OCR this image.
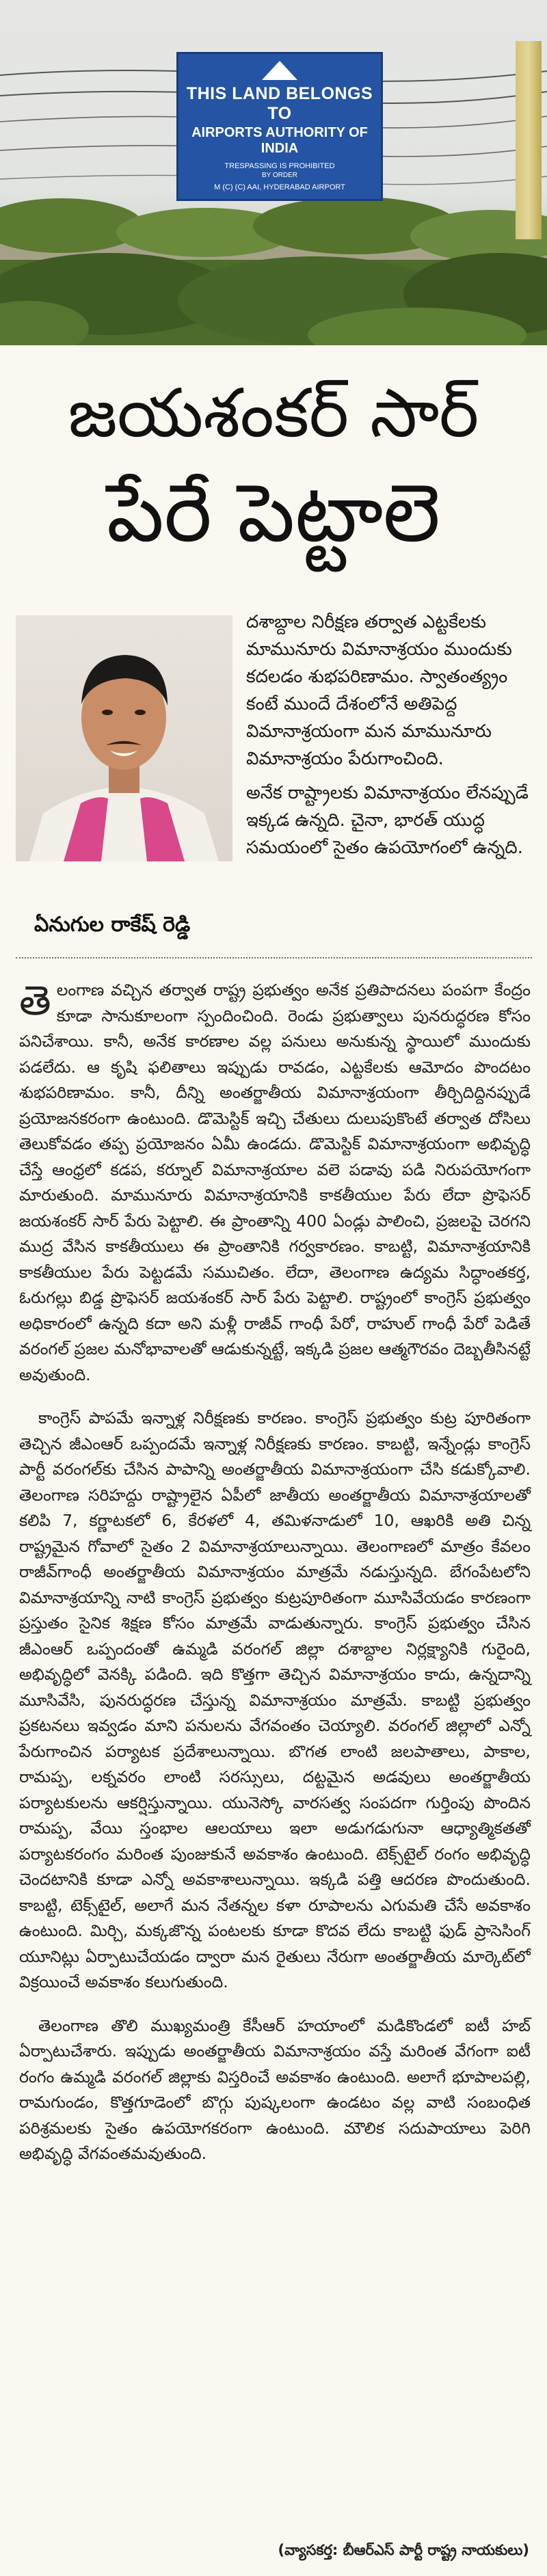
THIS LAND BELONGS TO
AIRPORTS AUTHORITY OF INDIA
TRESPASSING IS PROHIBITED
BY ORDER
M (C) (C) AAI, HYDERABAD AIRPORT
జయశంకర్ సార్
పేరే పెట్టాలె
ఏనుగుల రాకేష్ రెడ్డి

దశాబ్దాల నిరీక్షణ తర్వాత ఎట్టకేలకు మామునూరు విమానాశ్రయం ముందుకు కదలడం శుభపరిణామం. స్వాతంత్య్రం కంటే ముందే దేశంలోనే అతిపెద్ద విమానాశ్రయంగా మన మామునూరు విమానాశ్రయం పేరుగాంచింది.

అనేక రాష్ట్రాలకు విమానాశ్రయం లేనప్పుడే ఇక్కడ ఉన్నది. చైనా, భారత్ యుద్ధ సమయంలో సైతం ఉపయోగంలో ఉన్నది.

తెలంగాణ వచ్చిన తర్వాత రాష్ట్ర ప్రభుత్వం అనేక ప్రతిపాదనలు పంపగా కేంద్రం కూడా సానుకూలంగా స్పందించింది. రెండు ప్రభుత్వాలు పునరుద్ధరణ కోసం పనిచేశాయి. కానీ, అనేక కారణాల వల్ల పనులు అనుకున్న స్థాయిలో ముందుకు పడలేదు. ఆ కృషి ఫలితాలు ఇప్పుడు రావడం, ఎట్టకేలకు ఆమోదం పొందటం శుభపరిణామం. కానీ, దీన్ని అంతర్జాతీయ విమానాశ్రయంగా తీర్చిదిద్దినప్పుడే ప్రయోజనకరంగా ఉంటుంది. డొమెస్టిక్ ఇచ్చి చేతులు దులుపుకొంటే తర్వాత దోసిలు తెలుకోవడం తప్ప ప్రయోజనం ఏమీ ఉండదు. డొమెస్టిక్ విమానాశ్రయంగా అభివృద్ధి చేస్తే ఆంధ్రలో కడప, కర్నూల్ విమానాశ్రయాల వలె పడావు పడి నిరుపయోగంగా మారుతుంది. మామునూరు విమానాశ్రయానికి కాకతీయుల పేరు లేదా ప్రొఫెసర్ జయశంకర్ సార్ పేరు పెట్టాలి. ఈ ప్రాంతాన్ని 400 ఏండ్లు పాలించి, ప్రజలపై చెరగని ముద్ర వేసిన కాకతీయులు ఈ ప్రాంతానికి గర్వకారణం. కాబట్టి, విమానాశ్రయానికి కాకతీయుల పేరు పెట్టడమే సముచితం. లేదా, తెలంగాణ ఉద్యమ సిద్ధాంతకర్త, ఓరుగల్లు బిడ్డ ప్రొఫెసర్ జయశంకర్ సార్ పేరు పెట్టాలి. రాష్ట్రంలో కాంగ్రెస్ ప్రభుత్వం అధికారంలో ఉన్నది కదా అని మళ్లీ రాజీవ్ గాంధీ పేరో, రాహుల్ గాంధీ పేరో పెడితే వరంగల్ ప్రజల మనోభావాలతో ఆడుకున్నట్టే, ఇక్కడి ప్రజల ఆత్మగౌరవం దెబ్బతీసినట్టే అవుతుంది.

కాంగ్రెస్ పాపమే ఇన్నాళ్ల నిరీక్షణకు కారణం. కాంగ్రెస్ ప్రభుత్వం కుట్ర పూరితంగా తెచ్చిన జీఎంఆర్ ఒప్పందమే ఇన్నాళ్ల నిరీక్షణకు కారణం. కాబట్టి, ఇన్నేండ్లు కాంగ్రెస్ పార్టీ వరంగల్‌కు చేసిన పాపాన్ని అంతర్జాతీయ విమానాశ్రయంగా చేసి కడుక్కోవాలి. తెలంగాణ సరిహద్దు రాష్ట్రాలైన ఏపీలో జాతీయ అంతర్జాతీయ విమానాశ్రయాలతో కలిపి 7, కర్ణాటకలో 6, కేరళలో 4, తమిళనాడులో 10, ఆఖరికి అతి చిన్న రాష్ట్రమైన గోవాలో సైతం 2 విమానాశ్రయాలున్నాయి. తెలంగాణలో మాత్రం కేవలం రాజీవ్‌గాంధీ అంతర్జాతీయ విమానాశ్రయం మాత్రమే నడుస్తున్నది. బేగంపేటలోని విమానాశ్రయాన్ని నాటి కాంగ్రెస్ ప్రభుత్వం కుట్రపూరితంగా మూసివేయడం కారణంగా ప్రస్తుతం సైనిక శిక్షణ కోసం మాత్రమే వాడుతున్నారు. కాంగ్రెస్ ప్రభుత్వం చేసిన జీఎంఆర్ ఒప్పందంతో ఉమ్మడి వరంగల్ జిల్లా దశాబ్దాల నిర్లక్ష్యానికి గురైంది, అభివృద్ధిలో వెనక్కి పడింది. ఇది కొత్తగా తెచ్చిన విమానాశ్రయం కాదు, ఉన్నదాన్ని మూసివేసి, పునరుద్ధరణ చేస్తున్న విమానాశ్రయం మాత్రమే. కాబట్టి ప్రభుత్వం ప్రకటనలు ఇవ్వడం మాని పనులను వేగవంతం చెయ్యాలి. వరంగల్ జిల్లాలో ఎన్నో పేరుగాంచిన పర్యాటక ప్రదేశాలున్నాయి. బొగత లాంటి జలపాతాలు, పాకాల, రామప్ప, లక్నవరం లాంటి సరస్సులు, దట్టమైన అడవులు అంతర్జాతీయ పర్యాటకులను ఆకర్షిస్తున్నాయి. యునెస్కో వారసత్వ సంపదగా గుర్తింపు పొందిన రామప్ప, వేయి స్తంభాల ఆలయాలు ఇలా అడుగడుగునా ఆధ్యాత్మికతతో పర్యాటకరంగం మరింత పుంజుకునే అవకాశం ఉంటుంది. టెక్స్‌టైల్ రంగం అభివృద్ధి చెందటానికి కూడా ఎన్నో అవకాశాలున్నాయి. ఇక్కడి పత్తి ఆదరణ పొందుతుంది. కాబట్టి, టెక్స్‌టైల్, అలాగే మన నేతన్నల కళా రూపాలను ఎగుమతి చేసే అవకాశం ఉంటుంది. మిర్చి, మక్కజొన్న పంటలకు కూడా కొదవ లేదు కాబట్టి ఫుడ్ ప్రాసెసింగ్ యూనిట్లు ఏర్పాటుచేయడం ద్వారా మన రైతులు నేరుగా అంతర్జాతీయ మార్కెట్‌లో విక్రయించే అవకాశం కలుగుతుంది.

తెలంగాణ తొలి ముఖ్యమంత్రి కేసీఆర్ హయాంలో మడికొండలో ఐటీ హబ్ ఏర్పాటుచేశారు. ఇప్పుడు అంతర్జాతీయ విమానాశ్రయం వస్తే మరింత వేగంగా ఐటీ రంగం ఉమ్మడి వరంగల్ జిల్లాకు విస్తరించే అవకాశం ఉంటుంది. అలాగే భూపాలపల్లి, రామగుండం, కొత్తగూడెంలో బొగ్గు పుష్కలంగా ఉండటం వల్ల వాటి సంబంధిత పరిశ్రమలకు సైతం ఉపయోగకరంగా ఉంటుంది. మౌలిక సదుపాయాలు పెరిగి అభివృద్ధి వేగవంతమవుతుంది.

(వ్యాసకర్త: బీఆర్ఎస్ పార్టీ రాష్ట్ర నాయకులు)
